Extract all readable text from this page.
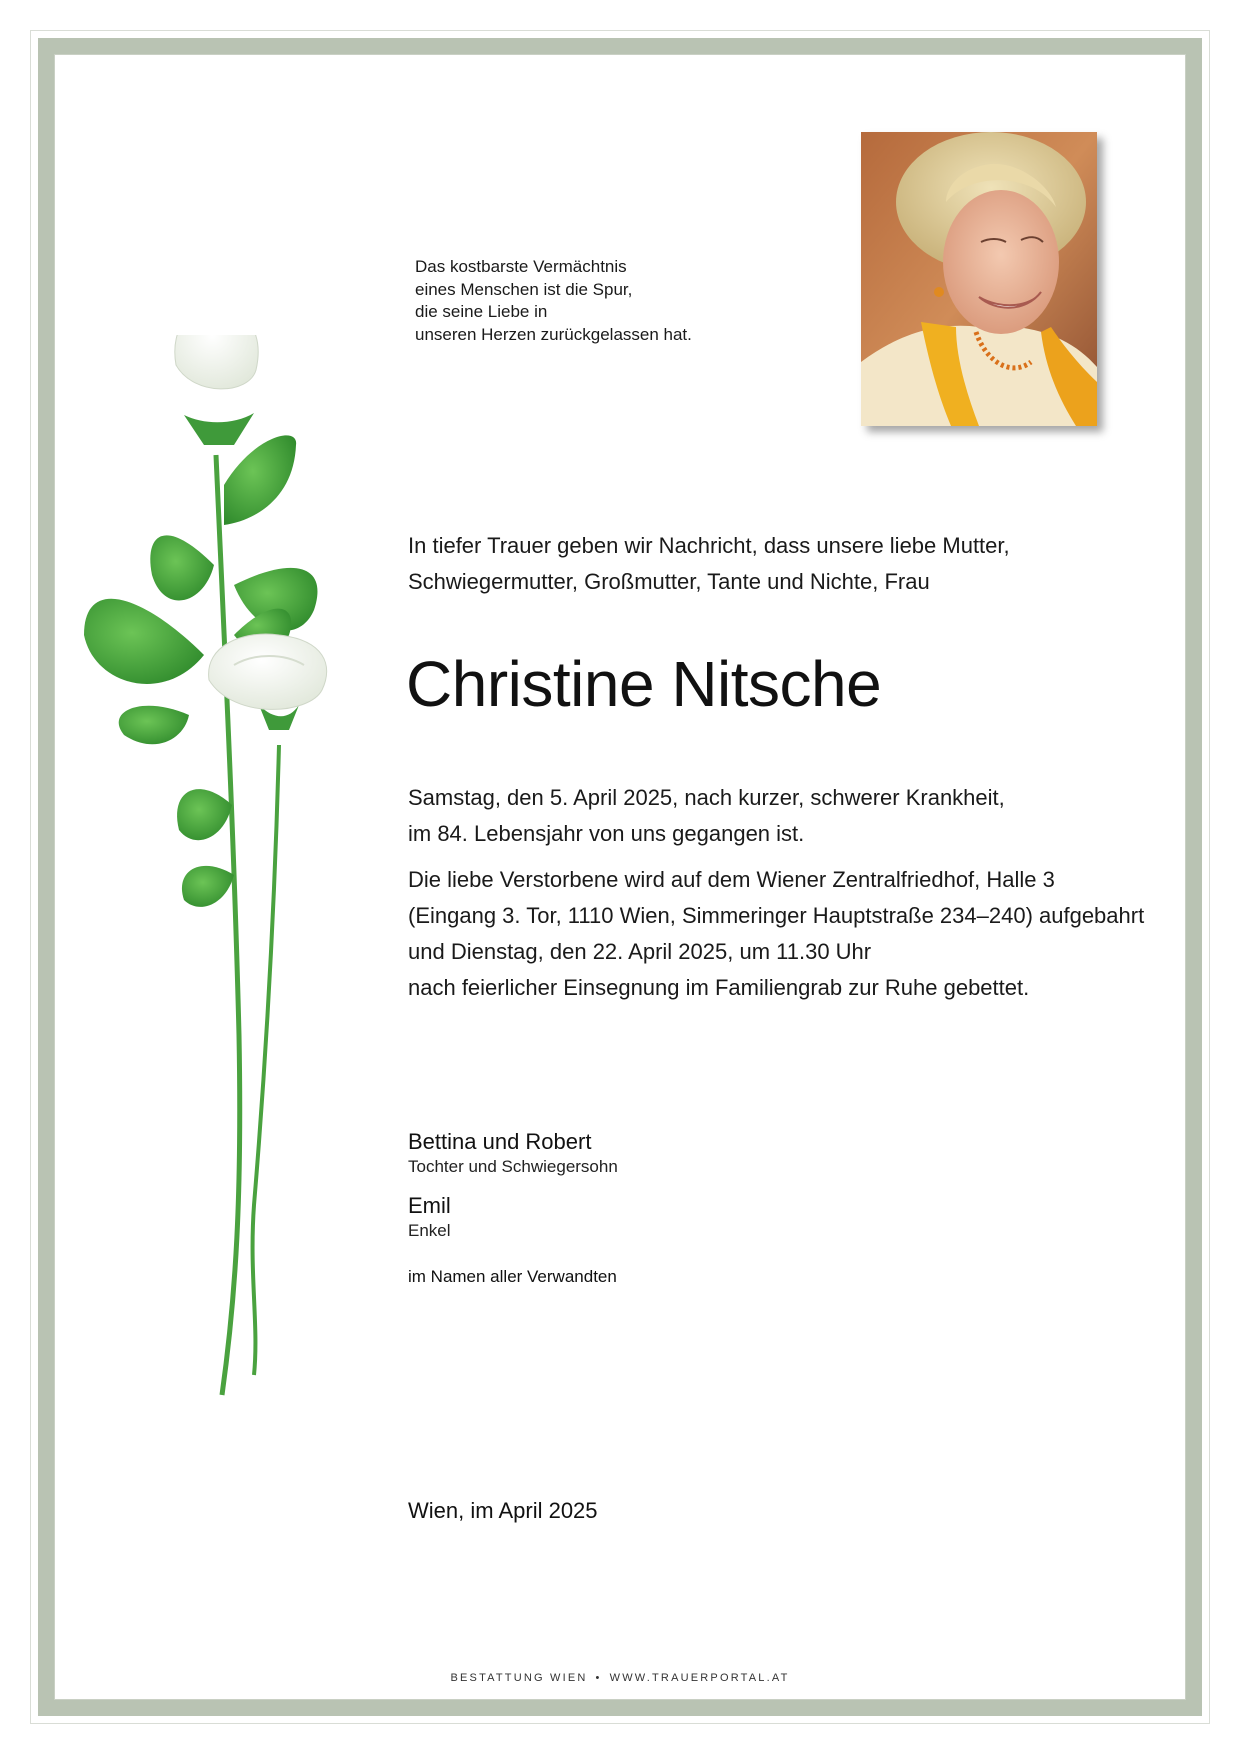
Das kostbarste Vermächtnis
eines Menschen ist die Spur,
die seine Liebe in
unseren Herzen zurückgelassen hat.
In tiefer Trauer geben wir Nachricht, dass unsere liebe Mutter,
Schwiegermutter, Großmutter, Tante und Nichte, Frau
Christine Nitsche
Samstag, den 5. April 2025, nach kurzer, schwerer Krankheit,
im 84. Lebensjahr von uns gegangen ist.
Die liebe Verstorbene wird auf dem Wiener Zentralfriedhof, Halle 3
(Eingang 3. Tor, 1110 Wien, Simmeringer Hauptstraße 234–240) aufgebahrt
und Dienstag, den 22. April 2025, um 11.30 Uhr
nach feierlicher Einsegnung im Familiengrab zur Ruhe gebettet.
Bettina und Robert
Tochter und Schwiegersohn
Emil
Enkel
im Namen aller Verwandten
Wien, im April 2025
BESTATTUNG WIEN • WWW.TRAUERPORTAL.AT
